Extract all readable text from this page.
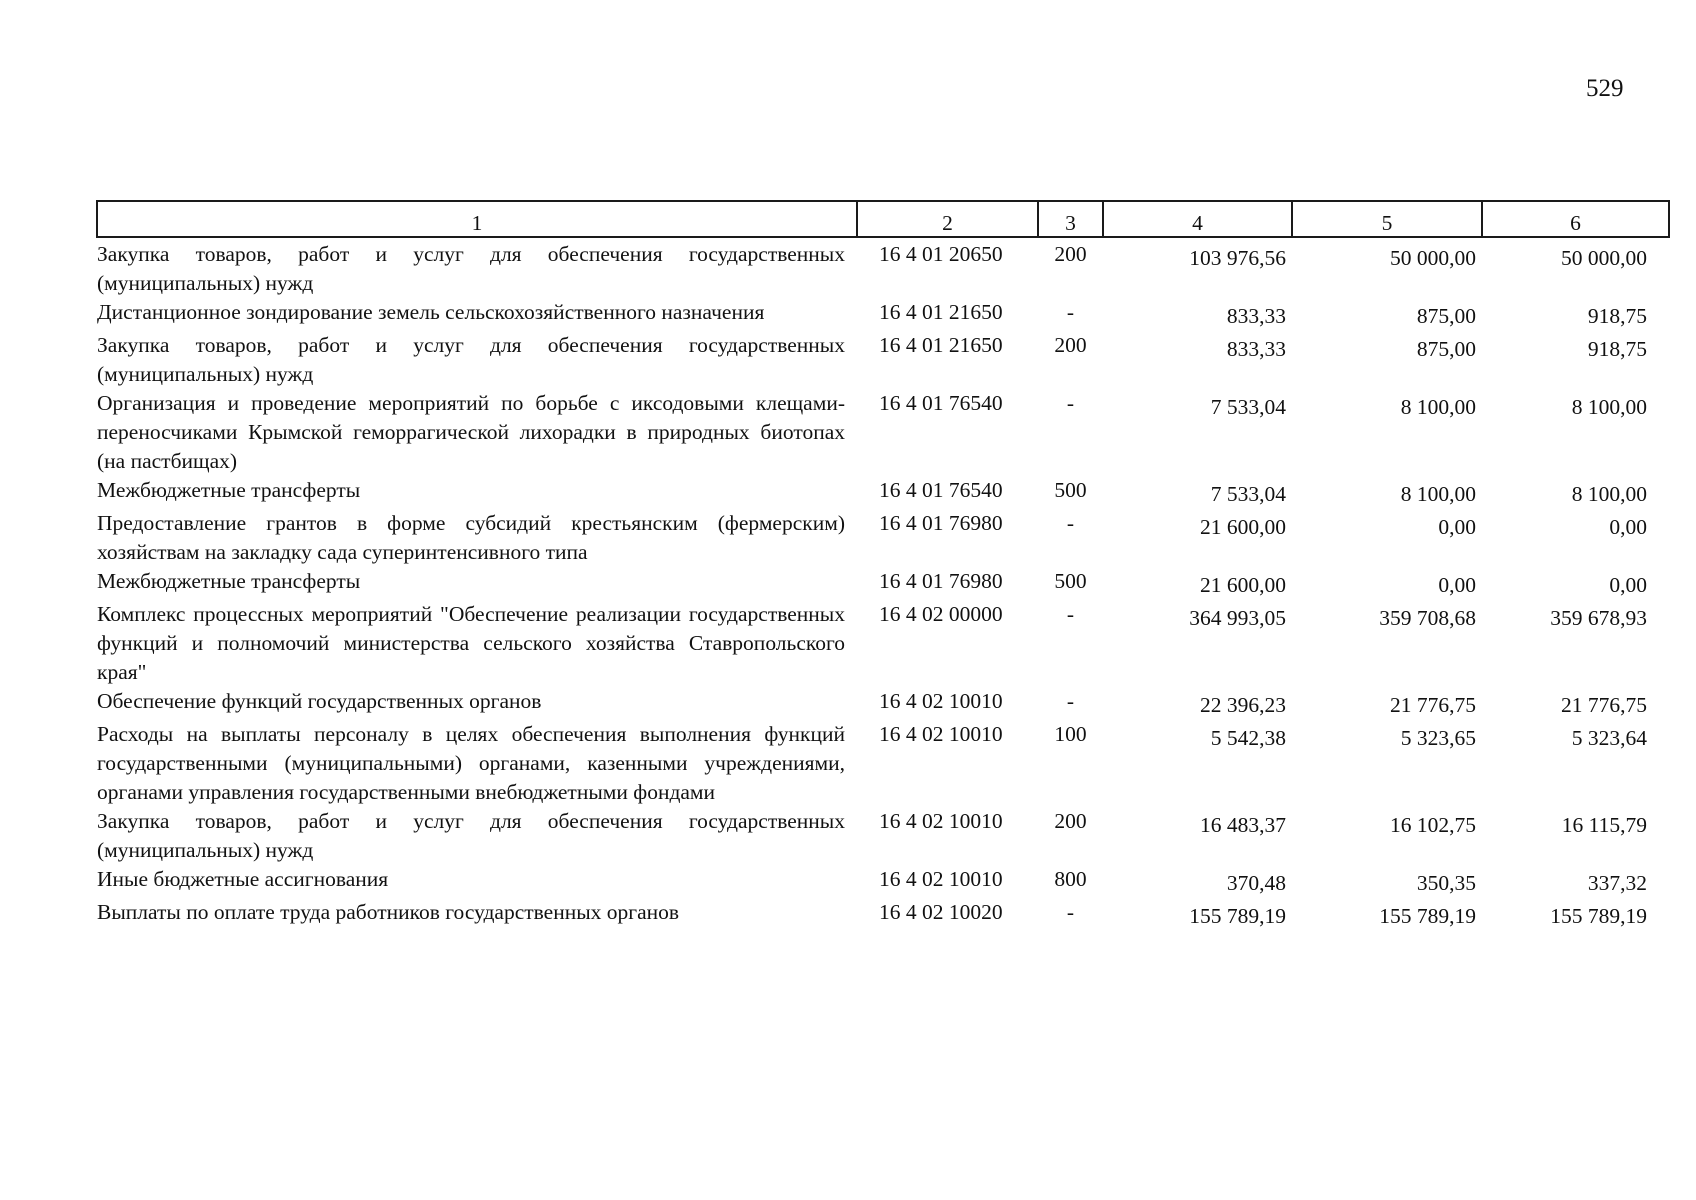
529
1	2	3	4	5	6
Закупка товаров, работ и услуг для обеспечения государственных (муниципальных) нужд	16 4 01 20650	200	103 976,56	50 000,00	50 000,00
Дистанционное зондирование земель сельскохозяйственного назначения	16 4 01 21650	-	833,33	875,00	918,75
Закупка товаров, работ и услуг для обеспечения государственных (муниципальных) нужд	16 4 01 21650	200	833,33	875,00	918,75
Организация и проведение мероприятий по борьбе с иксодовыми клещами-переносчиками Крымской геморрагической лихорадки в природных биотопах (на пастбищах)	16 4 01 76540	-	7 533,04	8 100,00	8 100,00
Межбюджетные трансферты	16 4 01 76540	500	7 533,04	8 100,00	8 100,00
Предоставление грантов в форме субсидий крестьянским (фермерским) хозяйствам на закладку сада суперинтенсивного типа	16 4 01 76980	-	21 600,00	0,00	0,00
Межбюджетные трансферты	16 4 01 76980	500	21 600,00	0,00	0,00
Комплекс процессных мероприятий "Обеспечение реализации государственных функций и полномочий министерства сельского хозяйства Ставропольского края"	16 4 02 00000	-	364 993,05	359 708,68	359 678,93
Обеспечение функций государственных органов	16 4 02 10010	-	22 396,23	21 776,75	21 776,75
Расходы на выплаты персоналу в целях обеспечения выполнения функций государственными (муниципальными) органами, казенными учреждениями, органами управления государственными внебюджетными фондами	16 4 02 10010	100	5 542,38	5 323,65	5 323,64
Закупка товаров, работ и услуг для обеспечения государственных (муниципальных) нужд	16 4 02 10010	200	16 483,37	16 102,75	16 115,79
Иные бюджетные ассигнования	16 4 02 10010	800	370,48	350,35	337,32
Выплаты по оплате труда работников государственных органов	16 4 02 10020	-	155 789,19	155 789,19	155 789,19
